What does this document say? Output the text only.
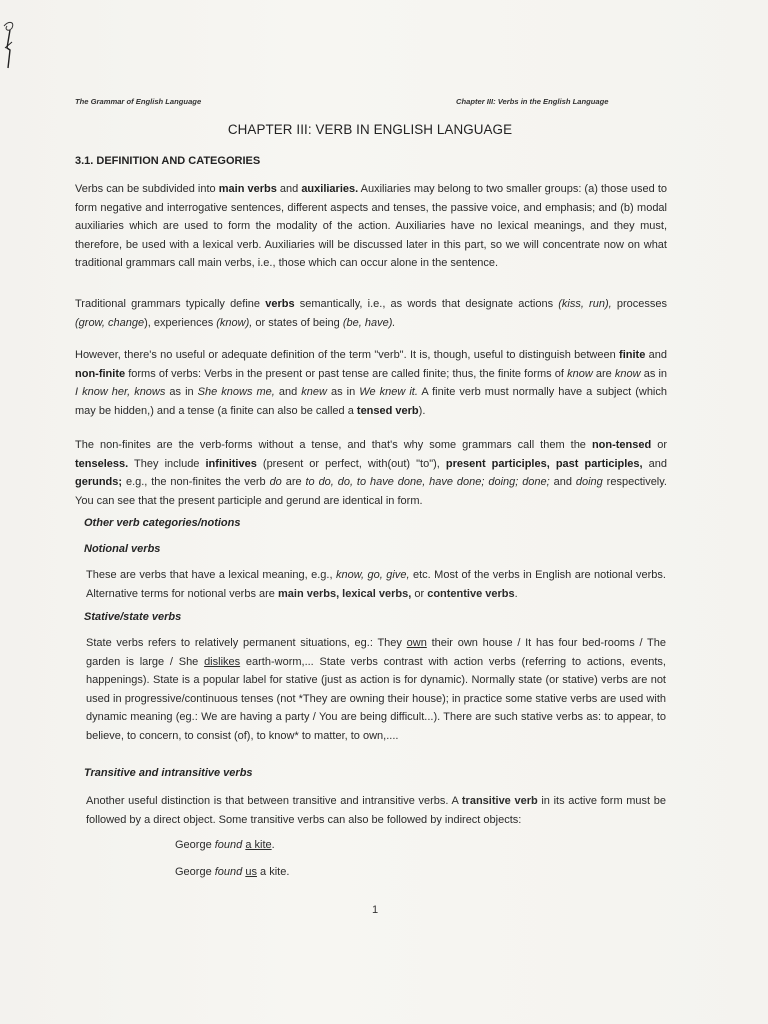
The Grammar of English Language	Chapter III: Verbs in the English Language
CHAPTER III: VERB IN ENGLISH LANGUAGE
3.1. DEFINITION AND CATEGORIES

Verbs can be subdivided into main verbs and auxiliaries. Auxiliaries may belong to two smaller groups: (a) those used to form negative and interrogative sentences, different aspects and tenses, the passive voice, and emphasis; and (b) modal auxiliaries which are used to form the modality of the action. Auxiliaries have no lexical meanings, and they must, therefore, be used with a lexical verb. Auxiliaries will be discussed later in this part, so we will concentrate now on what traditional grammars call main verbs, i.e., those which can occur alone in the sentence.

Traditional grammars typically define verbs semantically, i.e., as words that designate actions (kiss, run), processes (grow, change), experiences (know), or states of being (be, have).

However, there's no useful or adequate definition of the term "verb". It is, though, useful to distinguish between finite and non-finite forms of verbs: Verbs in the present or past tense are called finite; thus, the finite forms of know are know as in I know her, knows as in She knows me, and knew as in We knew it. A finite verb must normally have a subject (which may be hidden,) and a tense (a finite can also be called a tensed verb).

The non-finites are the verb-forms without a tense, and that's why some grammars call them the non-tensed or tenseless. They include infinitives (present or perfect, with(out) "to"), present participles, past participles, and gerunds; e.g., the non-finites the verb do are to do, do, to have done, have done; doing; done; and doing respectively. You can see that the present participle and gerund are identical in form.

Other verb categories/notions
Notional verbs

These are verbs that have a lexical meaning, e.g., know, go, give, etc. Most of the verbs in English are notional verbs. Alternative terms for notional verbs are main verbs, lexical verbs, or contentive verbs.

Stative/state verbs

State verbs refers to relatively permanent situations, eg.: They own their own house / It has four bed-rooms / The garden is large / She dislikes earth-worm,... State verbs contrast with action verbs (referring to actions, events, happenings). State is a popular label for stative (just as action is for dynamic). Normally state (or stative) verbs are not used in progressive/continuous tenses (not *They are owning their house); in practice some stative verbs are used with dynamic meaning (eg.: We are having a party / You are being difficult...). There are such stative verbs as: to appear, to believe, to concern, to consist (of), to know* to matter, to own,....

Transitive and intransitive verbs

Another useful distinction is that between transitive and intransitive verbs. A transitive verb in its active form must be followed by a direct object. Some transitive verbs can also be followed by indirect objects:

George found a kite.
George found us a kite.
1
